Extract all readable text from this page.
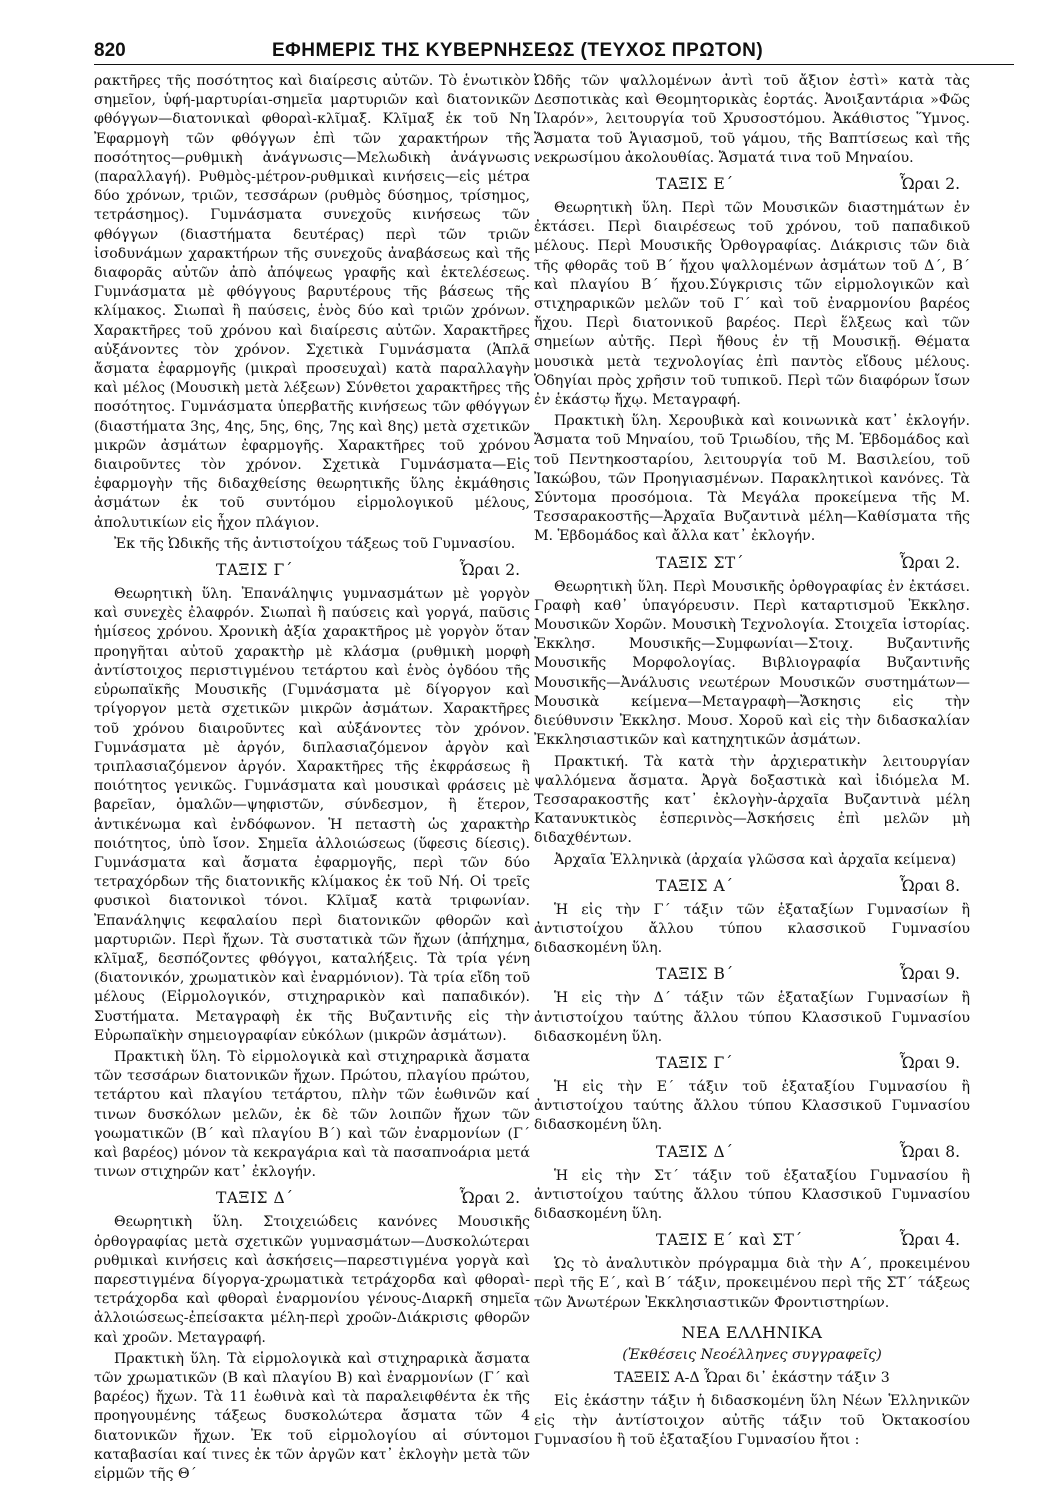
820	ΕΦΗΜΕΡΙΣ ΤΗΣ ΚΥΒΕΡΝΗΣΕΩΣ (ΤΕΥΧΟΣ ΠΡΩΤΟΝ)

ρακτῆρες τῆς ποσότητος καὶ διαίρεσις αὐτῶν. Τὸ ἑνωτικὸν σημεῖον, ὑφή-μαρτυρίαι-σημεῖα μαρτυριῶν καὶ διατονικῶν φθόγγων—διατονικαὶ φθοραὶ-κλῖμαξ. Κλῖμαξ ἐκ τοῦ Νη Ἐφαρμογὴ τῶν φθόγγων ἐπὶ τῶν χαρακτήρων τῆς ποσότητος—ρυθμικὴ ἀνάγνωσις—Μελωδικὴ ἀνάγνωσις (παραλλαγή). Ρυθμὸς-μέτρον-ρυθμικαὶ κινήσεις—εἰς μέτρα δύο χρόνων, τριῶν, τεσσάρων (ρυθμὸς δύσημος, τρίσημος, τετράσημος). Γυμνάσματα συνεχοῦς κινήσεως τῶν φθόγγων (διαστήματα δευτέρας) περὶ τῶν τριῶν ἰσοδυνάμων χαρακτήρων τῆς συνεχοῦς ἀναβάσεως καὶ τῆς διαφορᾶς αὐτῶν ἀπὸ ἀπόψεως γραφῆς καὶ ἐκτελέσεως. Γυμνάσματα μὲ φθόγγους βαρυτέρους τῆς βάσεως τῆς κλίμακος. Σιωπαὶ ἢ παύσεις, ἑνὸς δύο καὶ τριῶν χρόνων. Χαρακτῆρες τοῦ χρόνου καὶ διαίρεσις αὐτῶν. Χαρακτῆρες αὐξάνοντες τὸν χρόνον. Σχετικὰ Γυμνάσματα (Ἁπλᾶ ἄσματα ἐφαρμογῆς (μικραὶ προσευχαὶ) κατὰ παραλλαγὴν καὶ μέλος (Μουσικὴ μετὰ λέξεων) Σύνθετοι χαρακτῆρες τῆς ποσότητος. Γυμνάσματα ὑπερβατῆς κινήσεως τῶν φθόγγων (διαστήματα 3ης, 4ης, 5ης, 6ης, 7ης καὶ 8ης) μετὰ σχετικῶν μικρῶν ἀσμάτων ἐφαρμογῆς. Χαρακτῆρες τοῦ χρόνου διαιροῦντες τὸν χρόνον. Σχετικὰ Γυμνάσματα—Εἰς ἐφαρμογὴν τῆς διδαχθείσης θεωρητικῆς ὕλης ἐκμάθησις ἀσμάτων ἐκ τοῦ συντόμου εἱρμολογικοῦ μέλους, ἀπολυτικίων εἰς ἦχον πλάγιον.

Ἐκ τῆς Ὠδικῆς τῆς ἀντιστοίχου τάξεως τοῦ Γυμνασίου.

ΤΑΞΙΣ Γ΄	Ὧραι 2.

Θεωρητικὴ ὕλη. Ἐπανάληψις γυμνασμάτων μὲ γοργὸν καὶ συνεχὲς ἐλαφρόν. Σιωπαὶ ἢ παύσεις καὶ γοργά, παῦσις ἡμίσεος χρόνου. Χρονικὴ ἀξία χαρακτῆρος μὲ γοργὸν ὅταν προηγῆται αὐτοῦ χαρακτὴρ μὲ κλάσμα (ρυθμικὴ μορφὴ ἀντίστοιχος περιστιγμένου τετάρτου καὶ ἑνὸς ὀγδόου τῆς εὐρωπαϊκῆς Μουσικῆς (Γυμνάσματα μὲ δίγοργον καὶ τρίγοργον μετὰ σχετικῶν μικρῶν ἀσμάτων. Χαρακτῆρες τοῦ χρόνου διαιροῦντες καὶ αὐξάνοντες τὸν χρόνον. Γυμνάσματα μὲ ἀργόν, διπλασιαζόμενον ἀργὸν καὶ τριπλασιαζόμενον ἀργόν. Χαρακτῆρες τῆς ἐκφράσεως ἢ ποιότητος γενικῶς. Γυμνάσματα καὶ μουσικαὶ φράσεις μὲ βαρεῖαν, ὁμαλῶν—ψηφιστῶν, σύνδεσμον, ἢ ἕτερον, ἀντικένωμα καὶ ἐνδόφωνον. Ἡ πεταστὴ ὡς χαρακτὴρ ποιότητος, ὑπὸ ἴσον. Σημεῖα ἀλλοιώσεως (ὕφεσις δίεσις). Γυμνάσματα καὶ ἄσματα ἐφαρμογῆς, περὶ τῶν δύο τετραχόρδων τῆς διατονικῆς κλίμακος ἐκ τοῦ Νή. Οἱ τρεῖς φυσικοὶ διατονικοὶ τόνοι. Κλῖμαξ κατὰ τριφωνίαν. Ἐπανάληψις κεφαλαίου περὶ διατονικῶν φθορῶν καὶ μαρτυριῶν. Περὶ ἤχων. Τὰ συστατικὰ τῶν ἤχων (ἀπήχημα, κλῖμαξ, δεσπόζοντες φθόγγοι, καταλήξεις. Τὰ τρία γένη (διατονικόν, χρωματικὸν καὶ ἐναρμόνιον). Τὰ τρία εἴδη τοῦ μέλους (Εἱρμολογικόν, στιχηραρικὸν καὶ παπαδικόν). Συστήματα. Μεταγραφὴ ἐκ τῆς Βυζαντινῆς εἰς τὴν Εὐρωπαϊκὴν σημειογραφίαν εὐκόλων (μικρῶν ἀσμάτων).

Πρακτικὴ ὕλη. Τὸ εἱρμολογικὰ καὶ στιχηραρικὰ ἄσματα τῶν τεσσάρων διατονικῶν ἤχων. Πρώτου, πλαγίου πρώτου, τετάρτου καὶ πλαγίου τετάρτου, πλὴν τῶν ἑωθινῶν καί τινων δυσκόλων μελῶν, ἐκ δὲ τῶν λοιπῶν ἤχων τῶν γοωματικῶν (Β΄ καὶ πλαγίου Β΄) καὶ τῶν ἐναρμονίων (Γ΄ καὶ βαρέος) μόνον τὰ κεκραγάρια καὶ τὰ πασαπνοάρια μετά τινων στιχηρῶν κατ᾽ ἐκλογήν.

ΤΑΞΙΣ Δ΄	Ὧραι 2.

Θεωρητικὴ ὕλη. Στοιχειώδεις κανόνες Μουσικῆς ὀρθογραφίας μετὰ σχετικῶν γυμνασμάτων—Δυσκολώτεραι ρυθμικαὶ κινήσεις καὶ ἀσκήσεις—παρεστιγμένα γοργὰ καὶ παρεστιγμένα δίγοργα-χρωματικὰ τετράχορδα καὶ φθοραὶ-τετράχορδα καὶ φθοραὶ ἐναρμονίου γένους-Διαρκῆ σημεῖα ἀλλοιώσεως-ἐπείσακτα μέλη-περὶ χροῶν-Διάκρισις φθορῶν καὶ χροῶν. Μεταγραφή.

Πρακτικὴ ὕλη. Τὰ εἱρμολογικὰ καὶ στιχηραρικὰ ἄσματα τῶν χρωματικῶν (Β καὶ πλαγίου Β) καὶ ἐναρμονίων (Γ΄ καὶ βαρέος) ἤχων. Τὰ 11 ἑωθινὰ καὶ τὰ παραλειφθέντα ἐκ τῆς προηγουμένης τάξεως δυσκολώτερα ἄσματα τῶν 4 διατονικῶν ἤχων. Ἐκ τοῦ εἱρμολογίου αἱ σύντομοι καταβασίαι καί τινες ἐκ τῶν ἀργῶν κατ᾽ ἐκλογὴν μετὰ τῶν εἱρμῶν τῆς Θ΄

Ὠδῆς τῶν ψαλλομένων ἀντὶ τοῦ ἄξιον ἐστὶ» κατὰ τὰς Δεσποτικὰς καὶ Θεομητορικὰς ἑορτάς. Ἀνοιξαντάρια »Φῶς Ἱλαρόν», λειτουργία τοῦ Χρυσοστόμου. Ἀκάθιστος Ὕμνος. Ἄσματα τοῦ Ἁγιασμοῦ, τοῦ γάμου, τῆς Βαπτίσεως καὶ τῆς νεκρωσίμου ἀκολουθίας. Ἄσματά τινα τοῦ Μηναίου.

ΤΑΞΙΣ Ε΄	Ὧραι 2.

Θεωρητικὴ ὕλη. Περὶ τῶν Μουσικῶν διαστημάτων ἐν ἐκτάσει. Περὶ διαιρέσεως τοῦ χρόνου, τοῦ παπαδικοῦ μέλους. Περὶ Μουσικῆς Ὀρθογραφίας. Διάκρισις τῶν διὰ τῆς φθορᾶς τοῦ Β΄ ἤχου ψαλλομένων ἀσμάτων τοῦ Δ΄, Β΄ καὶ πλαγίου Β΄ ἤχου.Σύγκρισις τῶν εἱρμολογικῶν καὶ στιχηραρικῶν μελῶν τοῦ Γ΄ καὶ τοῦ ἐναρμονίου βαρέος ἤχου. Περὶ διατονικοῦ βαρέος. Περὶ ἕλξεως καὶ τῶν σημείων αὐτῆς. Περὶ ἤθους ἐν τῇ Μουσικῇ. Θέματα μουσικὰ μετὰ τεχνολογίας ἐπὶ παντὸς εἴδους μέλους. Ὁδηγίαι πρὸς χρῆσιν τοῦ τυπικοῦ. Περὶ τῶν διαφόρων ἴσων ἐν ἑκάστῳ ἤχῳ. Μεταγραφή.

Πρακτικὴ ὕλη. Χερουβικὰ καὶ κοινωνικὰ κατ᾽ ἐκλογήν. Ἄσματα τοῦ Μηναίου, τοῦ Τριωδίου, τῆς Μ. Ἑβδομάδος καὶ τοῦ Πεντηκοσταρίου, λειτουργία τοῦ Μ. Βασιλείου, τοῦ Ἰακώβου, τῶν Προηγιασμένων. Παρακλητικοὶ κανόνες. Τὰ Σύντομα προσόμοια. Τὰ Μεγάλα προκείμενα τῆς Μ. Τεσσαρακοστῆς—Ἀρχαῖα Βυζαντινὰ μέλη—Καθίσματα τῆς Μ. Ἑβδομάδος καὶ ἄλλα κατ᾽ ἐκλογήν.

ΤΑΞΙΣ ΣΤ΄	Ὧραι 2.

Θεωρητικὴ ὕλη. Περὶ Μουσικῆς ὀρθογραφίας ἐν ἐκτάσει. Γραφὴ καθ᾽ ὑπαγόρευσιν. Περὶ καταρτισμοῦ Ἐκκλησ. Μουσικῶν Χορῶν. Μουσικὴ Τεχνολογία. Στοιχεῖα ἱστορίας. Ἐκκλησ. Μουσικῆς—Συμφωνίαι—Στοιχ. Βυζαντινῆς Μουσικῆς Μορφολογίας. Βιβλιογραφία Βυζαντινῆς Μουσικῆς—Ἀνάλυσις νεωτέρων Μουσικῶν συστημάτων—Μουσικὰ κείμενα—Μεταγραφὴ—Ἄσκησις εἰς τὴν διεύθυνσιν Ἐκκλησ. Μουσ. Χοροῦ καὶ εἰς τὴν διδασκαλίαν Ἐκκλησιαστικῶν καὶ κατηχητικῶν ἀσμάτων.

Πρακτική. Τὰ κατὰ τὴν ἀρχιερατικὴν λειτουργίαν ψαλλόμενα ἄσματα. Ἀργὰ δοξαστικὰ καὶ ἰδιόμελα Μ. Τεσσαρακοστῆς κατ᾽ ἐκλογὴν-ἀρχαῖα Βυζαντινὰ μέλη Κατανυκτικὸς ἑσπερινὸς—Ἀσκήσεις ἐπὶ μελῶν μὴ διδαχθέντων.

Ἀρχαῖα Ἑλληνικὰ (ἀρχαία γλῶσσα καὶ ἀρχαῖα κείμενα)

ΤΑΞΙΣ Α΄	Ὧραι 8.

Ἡ εἰς τὴν Γ΄ τάξιν τῶν ἑξαταξίων Γυμνασίων ἢ ἀντιστοίχου ἄλλου τύπου κλασσικοῦ Γυμνασίου διδασκομένη ὕλη.

ΤΑΞΙΣ Β΄	Ὧραι 9.

Ἡ εἰς τὴν Δ΄ τάξιν τῶν ἑξαταξίων Γυμνασίων ἢ ἀντιστοίχου ταύτης ἄλλου τύπου Κλασσικοῦ Γυμνασίου διδασκομένη ὕλη.

ΤΑΞΙΣ Γ΄	Ὧραι 9.

Ἡ εἰς τὴν Ε΄ τάξιν τοῦ ἑξαταξίου Γυμνασίου ἢ ἀντιστοίχου ταύτης ἄλλου τύπου Κλασσικοῦ Γυμνασίου διδασκομένη ὕλη.

ΤΑΞΙΣ Δ΄	Ὧραι 8.

Ἡ εἰς τὴν Στ΄ τάξιν τοῦ ἑξαταξίου Γυμνασίου ἢ ἀντιστοίχου ταύτης ἄλλου τύπου Κλασσικοῦ Γυμνασίου διδασκομένη ὕλη.

ΤΑΞΙΣ Ε΄ καὶ ΣΤ΄	Ὧραι 4.

Ὡς τὸ ἀναλυτικὸν πρόγραμμα διὰ τὴν Α΄, προκειμένου περὶ τῆς Ε΄, καὶ Β΄ τάξιν, προκειμένου περὶ τῆς ΣΤ΄ τάξεως τῶν Ἀνωτέρων Ἐκκλησιαστικῶν Φροντιστηρίων.

ΝΕΑ ΕΛΛΗΝΙΚΑ
(Ἐκθέσεις Νεοέλληνες συγγραφεῖς)
ΤΑΞΕΙΣ Α-Δ Ὧραι δι᾽ ἑκάστην τάξιν 3

Εἰς ἑκάστην τάξιν ἡ διδασκομένη ὕλη Νέων Ἑλληνικῶν εἰς τὴν ἀντίστοιχον αὐτῆς τάξιν τοῦ Ὀκτακοσίου Γυμνασίου ἢ τοῦ ἑξαταξίου Γυμνασίου ἤτοι :
